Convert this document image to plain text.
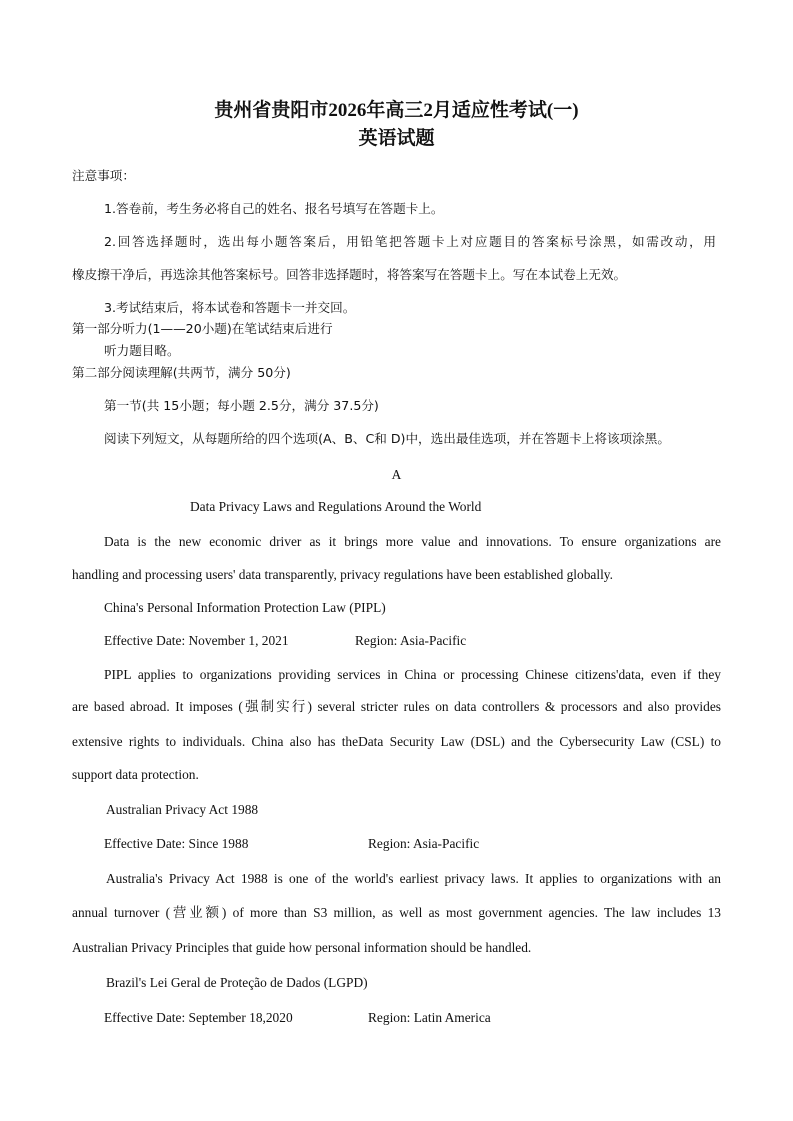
贵州省贵阳市2026年高三2月适应性考试(一)
英语试题
注意事项：
1.答卷前，考生务必将自己的姓名、报名号填写在答题卡上。
2.回答选择题时，选出每小题答案后，用铅笔把答题卡上对应题目的答案标号涂黑，如需改动，用
橡皮擦干净后，再选涂其他答案标号。回答非选择题时，将答案写在答题卡上。写在本试卷上无效。
3.考试结束后，将本试卷和答题卡一并交回。
第一部分听力(1——20小题)在笔试结束后进行
听力题目略。
第二部分阅读理解(共两节，满分 50分)
第一节(共 15小题；每小题 2.5分，满分 37.5分)
阅读下列短文，从每题所给的四个选项(A、B、C和 D)中，选出最佳选项，并在答题卡上将该项涂黑。
A
Data Privacy Laws and Regulations Around the World
Data is the new economic driver as it brings more value and innovations. To ensure organizations are
handling and processing users' data transparently, privacy regulations have been established globally.
China's Personal Information Protection Law (PIPL)
Effective Date: November 1, 2021	Region: Asia-Pacific
PIPL applies to organizations providing services in China or processing Chinese citizens'data, even if they
are based abroad. It imposes (强制实行) several stricter rules on data controllers & processors and also provides
extensive rights to individuals. China also has theData Security Law (DSL) and the Cybersecurity Law (CSL) to
support data protection.
Australian Privacy Act 1988
Effective Date: Since 1988	Region: Asia-Pacific
Australia's Privacy Act 1988 is one of the world's earliest privacy laws. It applies to organizations with an
annual turnover (营业额) of more than S3 million, as well as most government agencies. The law includes 13
Australian Privacy Principles that guide how personal information should be handled.
Brazil's Lei Geral de Proteção de Dados (LGPD)
Effective Date: September 18,2020	Region: Latin America
